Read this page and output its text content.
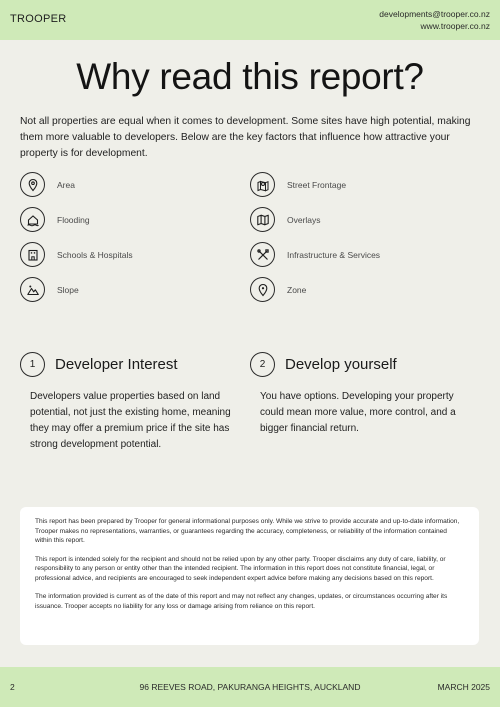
TROOPER	developments@trooper.co.nz
www.trooper.co.nz
Why read this report?

Not all properties are equal when it comes to development. Some sites have high potential, making them more valuable to developers. Below are the key factors that influence how attractive your property is for development.

Area	Street Frontage
Flooding	Overlays
Schools & Hospitals	Infrastructure & Services
Slope	Zone
1	Developer Interest

Developers value properties based on land potential, not just the existing home, meaning they may offer a premium price if the site has strong development potential.

2	Develop yourself

You have options. Developing your property could mean more value, more control, and a bigger financial return.

This report has been prepared by Trooper for general informational purposes only. While we strive to provide accurate and up-to-date information, Trooper makes no representations, warranties, or guarantees regarding the accuracy, completeness, or reliability of the information contained within this report.

This report is intended solely for the recipient and should not be relied upon by any other party. Trooper disclaims any duty of care, liability, or responsibility to any person or entity other than the intended recipient. The information in this report does not constitute financial, legal, or professional advice, and recipients are encouraged to seek independent expert advice before making any decisions based on this report.

The information provided is current as of the date of this report and may not reflect any changes, updates, or circumstances occurring after its issuance. Trooper accepts no liability for any loss or damage arising from reliance on this report.

2	96 REEVES ROAD, PAKURANGA HEIGHTS, AUCKLAND	MARCH 2025
